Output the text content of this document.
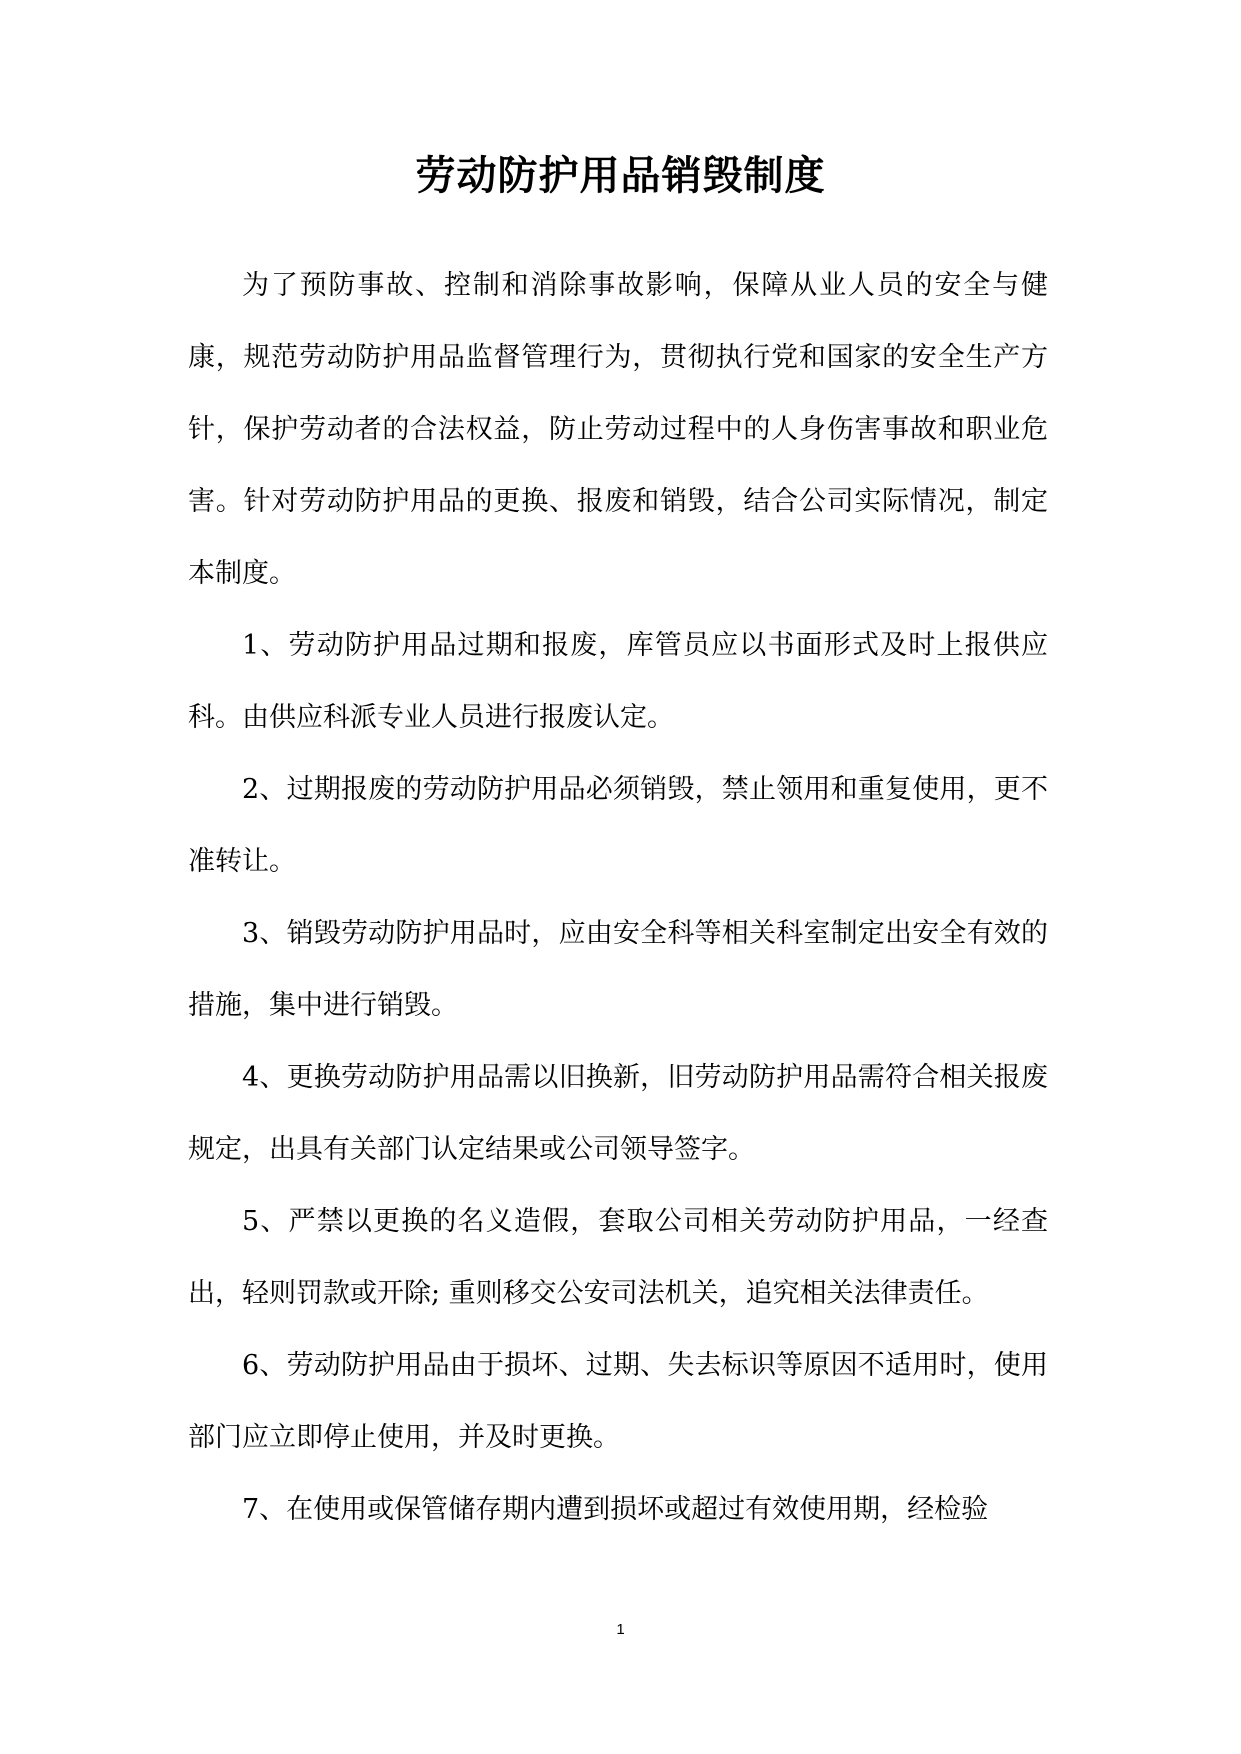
劳动防护用品销毁制度

为了预防事故、控制和消除事故影响，保障从业人员的安全与健康，规范劳动防护用品监督管理行为，贯彻执行党和国家的安全生产方针，保护劳动者的合法权益，防止劳动过程中的人身伤害事故和职业危害。针对劳动防护用品的更换、报废和销毁，结合公司实际情况，制定本制度。

1、劳动防护用品过期和报废，库管员应以书面形式及时上报供应科。由供应科派专业人员进行报废认定。

2、过期报废的劳动防护用品必须销毁，禁止领用和重复使用，更不准转让。

3、销毁劳动防护用品时，应由安全科等相关科室制定出安全有效的措施，集中进行销毁。

4、更换劳动防护用品需以旧换新，旧劳动防护用品需符合相关报废规定，出具有关部门认定结果或公司领导签字。

5、严禁以更换的名义造假，套取公司相关劳动防护用品，一经查出，轻则罚款或开除; 重则移交公安司法机关，追究相关法律责任。

6、劳动防护用品由于损坏、过期、失去标识等原因不适用时，使用部门应立即停止使用，并及时更换。

7、在使用或保管储存期内遭到损坏或超过有效使用期，经检验

1
